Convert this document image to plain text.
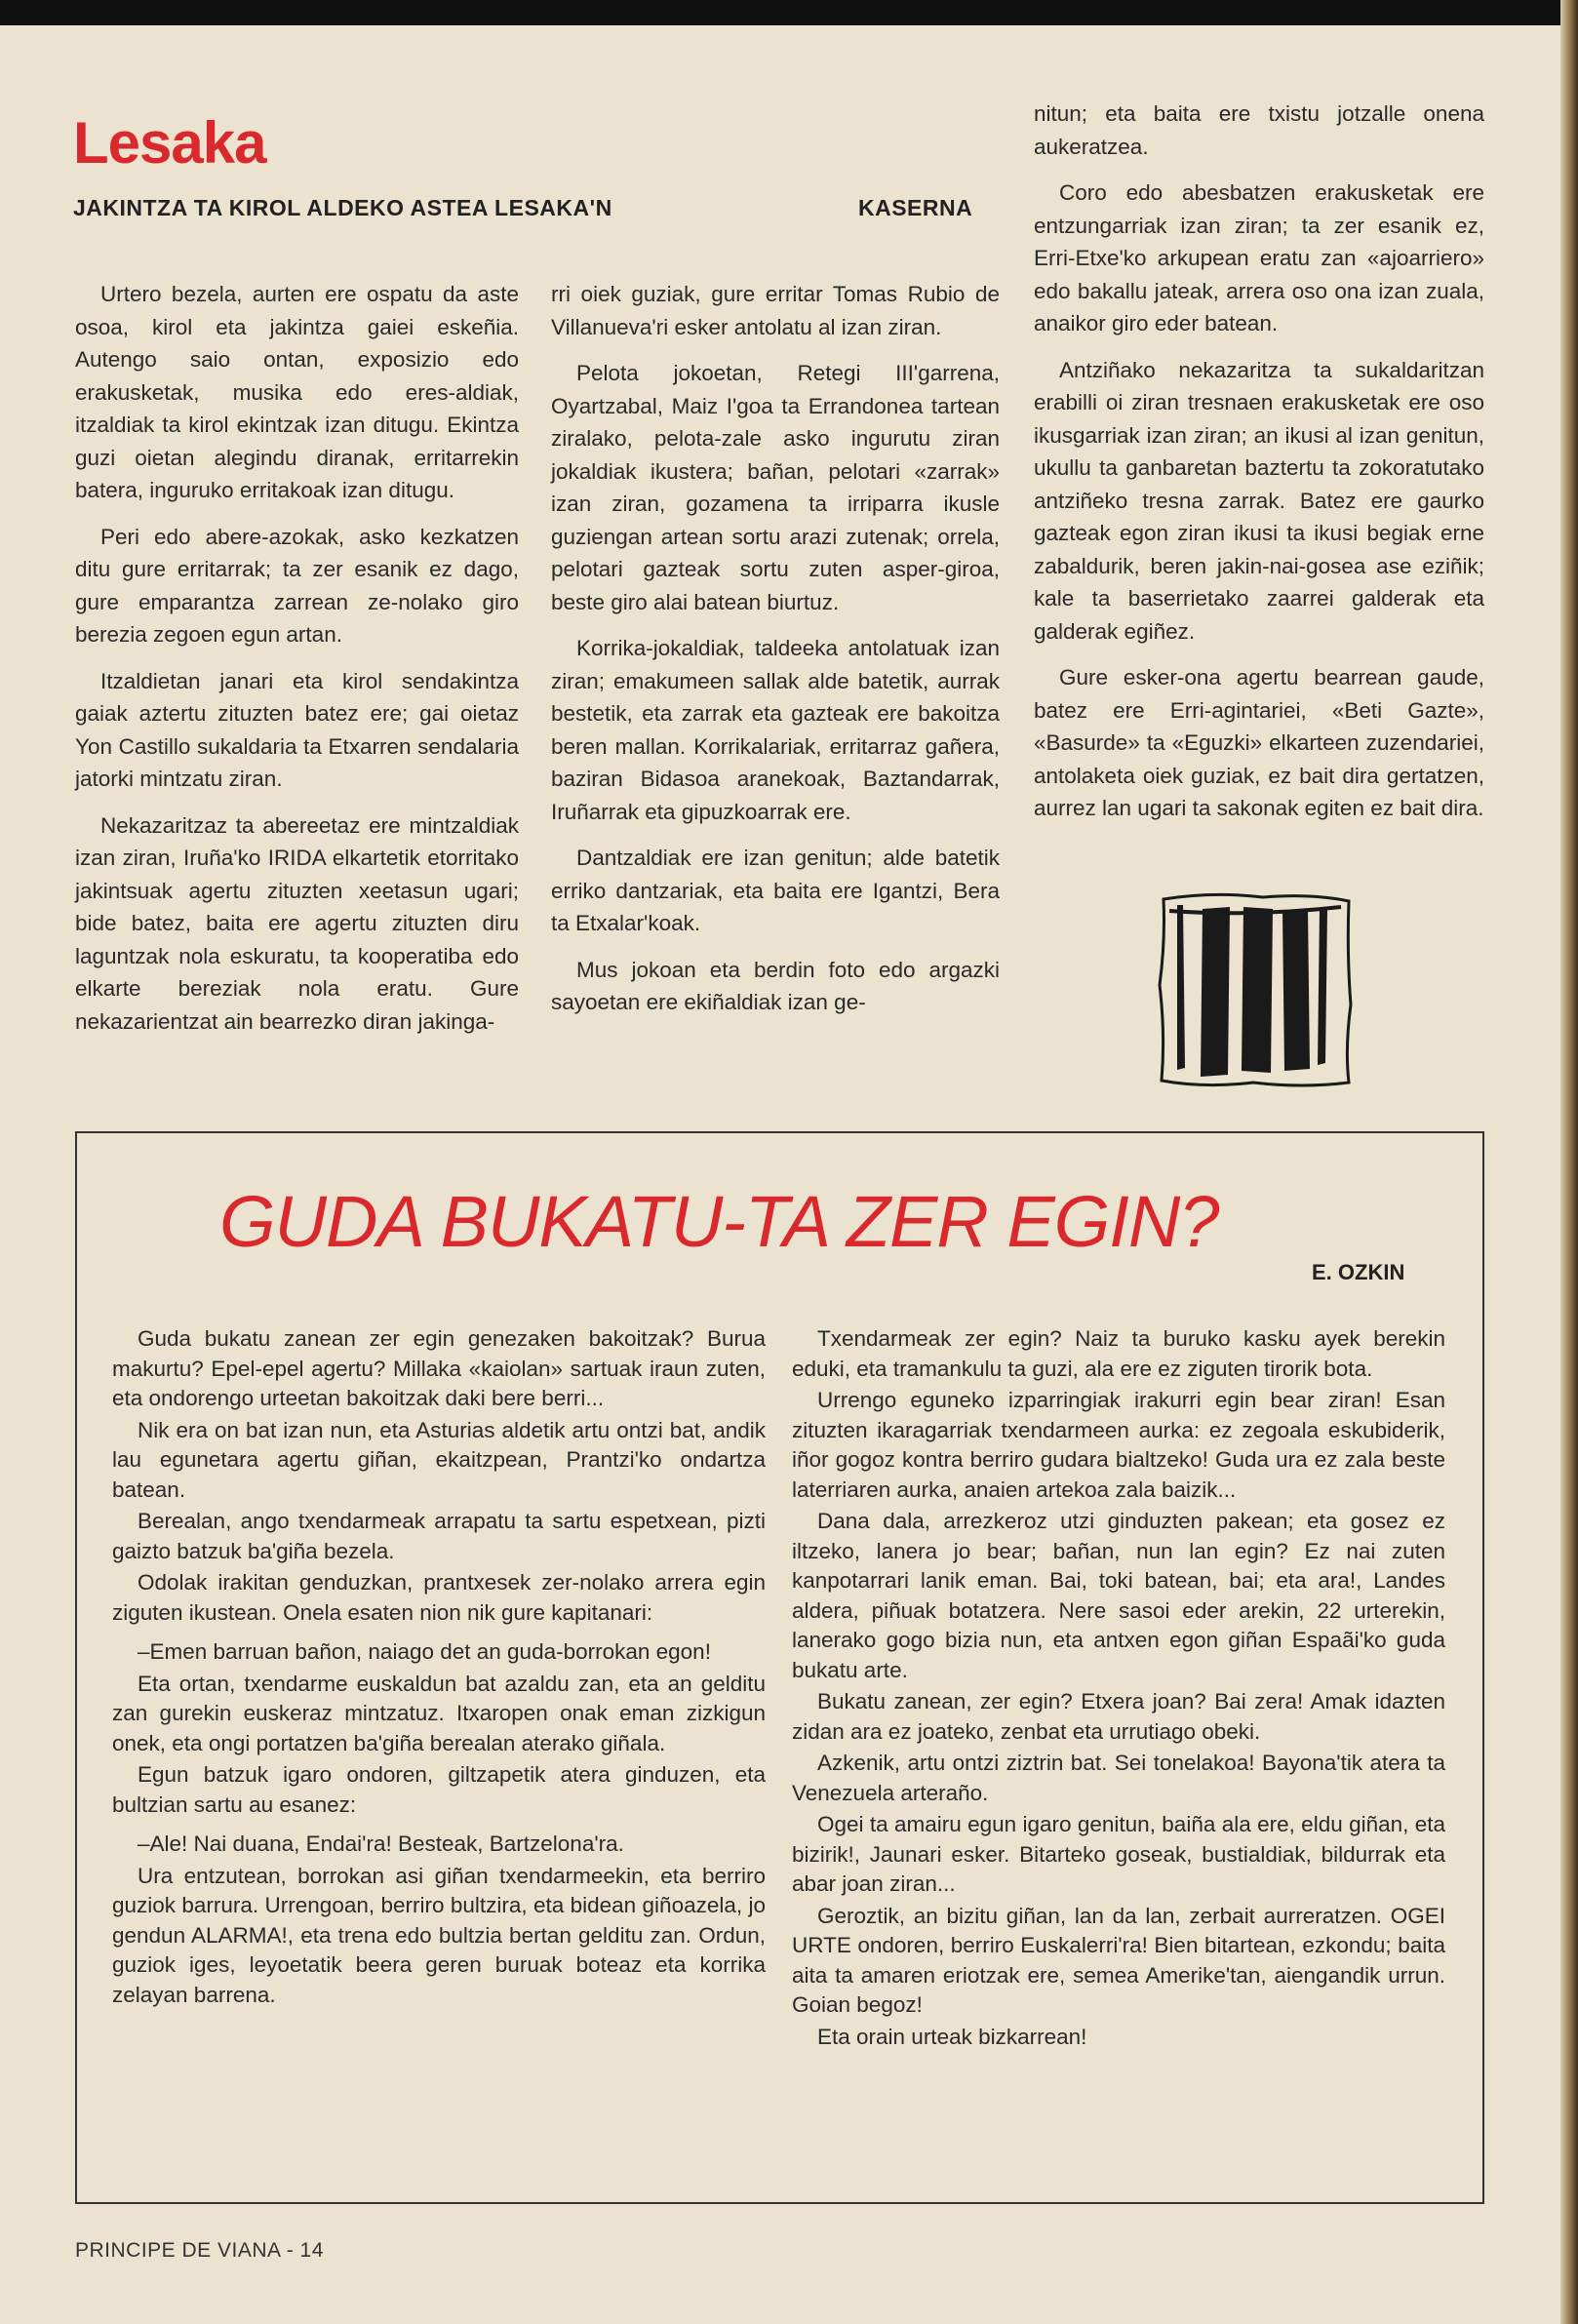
Lesaka
JAKINTZA TA KIROL ALDEKO ASTEA LESAKA'N	KASERNA

Urtero bezela, aurten ere ospatu da aste osoa, kirol eta jakintza gaiei eskeñia. Autengo saio ontan, exposizio edo erakusketak, musika edo eres-aldiak, itzaldiak ta kirol ekintzak izan ditugu. Ekintza guzi oietan alegindu diranak, erritarrekin batera, inguruko erritakoak izan ditugu.

Peri edo abere-azokak, asko kezkatzen ditu gure erritarrak; ta zer esanik ez dago, gure emparantza zarrean ze-nolako giro berezia zegoen egun artan.

Itzaldietan janari eta kirol sendakintza gaiak aztertu zituzten batez ere; gai oietaz Yon Castillo sukaldaria ta Etxarren sendalaria jatorki mintzatu ziran.

Nekazaritzaz ta abereetaz ere mintzaldiak izan ziran, Iruña'ko IRIDA elkartetik etorritako jakintsuak agertu zituzten xeetasun ugari; bide batez, baita ere agertu zituzten diru laguntzak nola eskuratu, ta kooperatiba edo elkarte bereziak nola eratu. Gure nekazarientzat ain bearrezko diran jakinga-

rri oiek guziak, gure erritar Tomas Rubio de Villanueva'ri esker antolatu al izan ziran.

Pelota jokoetan, Retegi III'garrena, Oyartzabal, Maiz I'goa ta Errandonea tartean ziralako, pelota-zale asko ingurutu ziran jokaldiak ikustera; bañan, pelotari «zarrak» izan ziran, gozamena ta irriparra ikusle guziengan artean sortu arazi zutenak; orrela, pelotari gazteak sortu zuten asper-giroa, beste giro alai batean biurtuz.

Korrika-jokaldiak, taldeeka antolatuak izan ziran; emakumeen sallak alde batetik, aurrak bestetik, eta zarrak eta gazteak ere bakoitza beren mallan. Korrikalariak, erritarraz gañera, baziran Bidasoa aranekoak, Baztandarrak, Iruñarrak eta gipuzkoarrak ere.

Dantzaldiak ere izan genitun; alde batetik erriko dantzariak, eta baita ere Igantzi, Bera ta Etxalar'koak.

Mus jokoan eta berdin foto edo argazki sayoetan ere ekiñaldiak izan ge-

nitun; eta baita ere txistu jotzalle onena aukeratzea.

Coro edo abesbatzen erakusketak ere entzungarriak izan ziran; ta zer esanik ez, Erri-Etxe'ko arkupean eratu zan «ajoarriero» edo bakallu jateak, arrera oso ona izan zuala, anaikor giro eder batean.

Antziñako nekazaritza ta sukaldaritzan erabilli oi ziran tresnaen erakusketak ere oso ikusgarriak izan ziran; an ikusi al izan genitun, ukullu ta ganbaretan baztertu ta zokoratutako antziñeko tresna zarrak. Batez ere gaurko gazteak egon ziran ikusi ta ikusi begiak erne zabaldurik, beren jakin-nai-gosea ase eziñik; kale ta baserrietako zaarrei galderak eta galderak egiñez.

Gure esker-ona agertu bearrean gaude, batez ere Erri-agintariei, «Beti Gazte», «Basurde» ta «Eguzki» elkarteen zuzendariei, antolaketa oiek guziak, ez bait dira gertatzen, aurrez lan ugari ta sakonak egiten ez bait dira.

GUDA BUKATU-TA ZER EGIN?

E. OZKIN

Guda bukatu zanean zer egin genezaken bakoitzak? Burua makurtu? Epel-epel agertu? Millaka «kaiolan» sartuak iraun zuten, eta ondorengo urteetan bakoitzak daki bere berri...

Nik era on bat izan nun, eta Asturias aldetik artu ontzi bat, andik lau egunetara agertu giñan, ekaitzpean, Prantzi'ko ondartza batean.

Berealan, ango txendarmeak arrapatu ta sartu espetxean, pizti gaizto batzuk ba'giña bezela.

Odolak irakitan genduzkan, prantxesek zer-nolako arrera egin ziguten ikustean. Onela esaten nion nik gure kapitanari:

–Emen barruan bañon, naiago det an guda-borrokan egon!

Eta ortan, txendarme euskaldun bat azaldu zan, eta an gelditu zan gurekin euskeraz mintzatuz. Itxaropen onak eman zizkigun onek, eta ongi portatzen ba'giña berealan aterako giñala.

Egun batzuk igaro ondoren, giltzapetik atera ginduzen, eta bultzian sartu au esanez:

–Ale! Nai duana, Endai'ra! Besteak, Bartzelona'ra.

Ura entzutean, borrokan asi giñan txendarmeekin, eta berriro guziok barrura. Urrengoan, berriro bultzira, eta bidean giñoazela, jo gendun ALARMA!, eta trena edo bultzia bertan gelditu zan. Ordun, guziok iges, leyoetatik beera geren buruak boteaz eta korrika zelayan barrena.

Txendarmeak zer egin? Naiz ta buruko kasku ayek berekin eduki, eta tramankulu ta guzi, ala ere ez ziguten tirorik bota.

Urrengo eguneko izparringiak irakurri egin bear ziran! Esan zituzten ikaragarriak txendarmeen aurka: ez zegoala eskubiderik, iñor gogoz kontra berriro gudara bialtzeko! Guda ura ez zala beste laterriaren aurka, anaien artekoa zala baizik...

Dana dala, arrezkeroz utzi ginduzten pakean; eta gosez ez iltzeko, lanera jo bear; bañan, nun lan egin? Ez nai zuten kanpotarrari lanik eman. Bai, toki batean, bai; eta ara!, Landes aldera, piñuak botatzera. Nere sasoi eder arekin, 22 urterekin, lanerako gogo bizia nun, eta antxen egon giñan Espaãi'ko guda bukatu arte.

Bukatu zanean, zer egin? Etxera joan? Bai zera! Amak idazten zidan ara ez joateko, zenbat eta urrutiago obeki.

Azkenik, artu ontzi ziztrin bat. Sei tonelakoa! Bayona'tik atera ta Venezuela arteraño.

Ogei ta amairu egun igaro genitun, baiña ala ere, eldu giñan, eta bizirik!, Jaunari esker. Bitarteko goseak, bustialdiak, bildurrak eta abar joan ziran...

Geroztik, an bizitu giñan, lan da lan, zerbait aurreratzen. OGEI URTE ondoren, berriro Euskalerri'ra! Bien bitartean, ezkondu; baita aita ta amaren eriotzak ere, semea Amerike'tan, aiengandik urrun. Goian begoz!

Eta orain urteak bizkarrean!

PRINCIPE DE VIANA - 14
